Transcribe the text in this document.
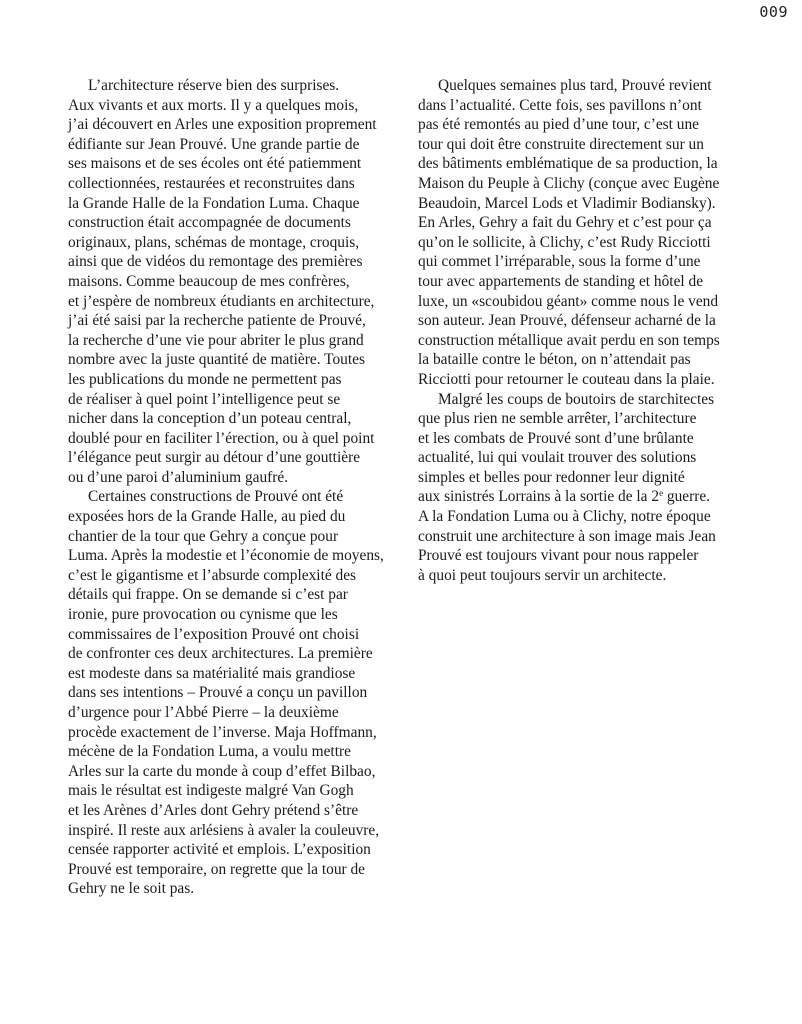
009
L’architecture réserve bien des surprises.
Aux vivants et aux morts. Il y a quelques mois,
j’ai découvert en Arles une exposition proprement
édifiante sur Jean Prouvé. Une grande partie de
ses maisons et de ses écoles ont été patiemment
collectionnées, restaurées et reconstruites dans
la Grande Halle de la Fondation Luma. Chaque
construction était accompagnée de documents
originaux, plans, schémas de montage, croquis,
ainsi que de vidéos du remontage des premières
maisons. Comme beaucoup de mes confrères,
et j’espère de nombreux étudiants en architecture,
j’ai été saisi par la recherche patiente de Prouvé,
la recherche d’une vie pour abriter le plus grand
nombre avec la juste quantité de matière. Toutes
les publications du monde ne permettent pas
de réaliser à quel point l’intelligence peut se
nicher dans la conception d’un poteau central,
doublé pour en faciliter l’érection, ou à quel point
l’élégance peut surgir au détour d’une gouttière
ou d’une paroi d’aluminium gaufré.
Certaines constructions de Prouvé ont été
exposées hors de la Grande Halle, au pied du
chantier de la tour que Gehry a conçue pour
Luma. Après la modestie et l’économie de moyens,
c’est le gigantisme et l’absurde complexité des
détails qui frappe. On se demande si c’est par
ironie, pure provocation ou cynisme que les
commissaires de l’exposition Prouvé ont choisi
de confronter ces deux architectures. La première
est modeste dans sa matérialité mais grandiose
dans ses intentions – Prouvé a conçu un pavillon
d’urgence pour l’Abbé Pierre – la deuxième
procède exactement de l’inverse. Maja Hoffmann,
mécène de la Fondation Luma, a voulu mettre
Arles sur la carte du monde à coup d’effet Bilbao,
mais le résultat est indigeste malgré Van Gogh
et les Arènes d’Arles dont Gehry prétend s’être
inspiré. Il reste aux arlésiens à avaler la couleuvre,
censée rapporter activité et emplois. L’exposition
Prouvé est temporaire, on regrette que la tour de
Gehry ne le soit pas.
Quelques semaines plus tard, Prouvé revient
dans l’actualité. Cette fois, ses pavillons n’ont
pas été remontés au pied d’une tour, c’est une
tour qui doit être construite directement sur un
des bâtiments emblématique de sa production, la
Maison du Peuple à Clichy (conçue avec Eugène
Beaudoin, Marcel Lods et Vladimir Bodiansky).
En Arles, Gehry a fait du Gehry et c’est pour ça
qu’on le sollicite, à Clichy, c’est Rudy Ricciotti
qui commet l’irréparable, sous la forme d’une
tour avec appartements de standing et hôtel de
luxe, un «scoubidou géant» comme nous le vend
son auteur. Jean Prouvé, défenseur acharné de la
construction métallique avait perdu en son temps
la bataille contre le béton, on n’attendait pas
Ricciotti pour retourner le couteau dans la plaie.
Malgré les coups de boutoirs de starchitectes
que plus rien ne semble arrêter, l’architecture
et les combats de Prouvé sont d’une brûlante
actualité, lui qui voulait trouver des solutions
simples et belles pour redonner leur dignité
aux sinistrés Lorrains à la sortie de la 2e guerre.
A la Fondation Luma ou à Clichy, notre époque
construit une architecture à son image mais Jean
Prouvé est toujours vivant pour nous rappeler
à quoi peut toujours servir un architecte.
